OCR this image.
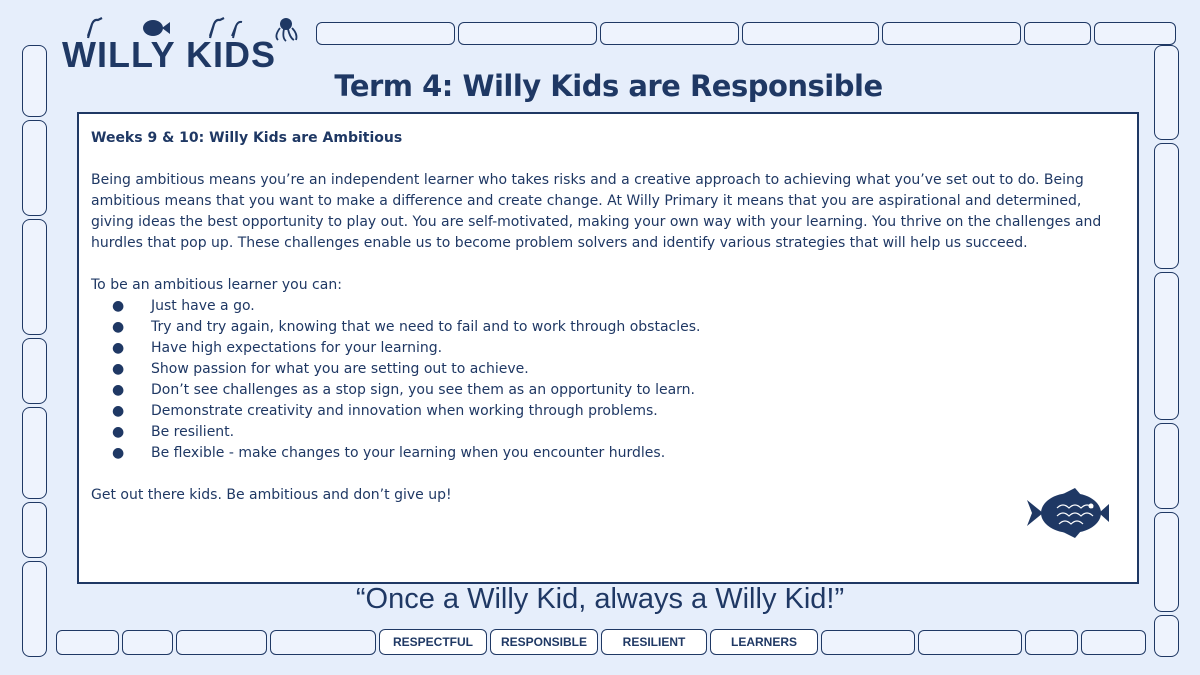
WILLY KIDS

Term 4: Willy Kids are Responsible

Weeks 9 & 10: Willy Kids are Ambitious

Being ambitious means you’re an independent learner who takes risks and a creative approach to achieving what you’ve set out to do. Being ambitious means that you want to make a difference and create change. At Willy Primary it means that you are aspirational and determined, giving ideas the best opportunity to play out. You are self-motivated, making your own way with your learning. You thrive on the challenges and hurdles that pop up. These challenges enable us to become problem solvers and identify various strategies that will help us succeed.

To be an ambitious learner you can:

● Just have a go.
● Try and try again, knowing that we need to fail and to work through obstacles.
● Have high expectations for your learning.
● Show passion for what you are setting out to achieve.
● Don’t see challenges as a stop sign, you see them as an opportunity to learn.
● Demonstrate creativity and innovation when working through problems.
● Be resilient.
● Be flexible - make changes to your learning when you encounter hurdles.

Get out there kids. Be ambitious and don’t give up!

“Once a Willy Kid, always a Willy Kid!”

RESPECTFUL	RESPONSIBLE	RESILIENT	LEARNERS
